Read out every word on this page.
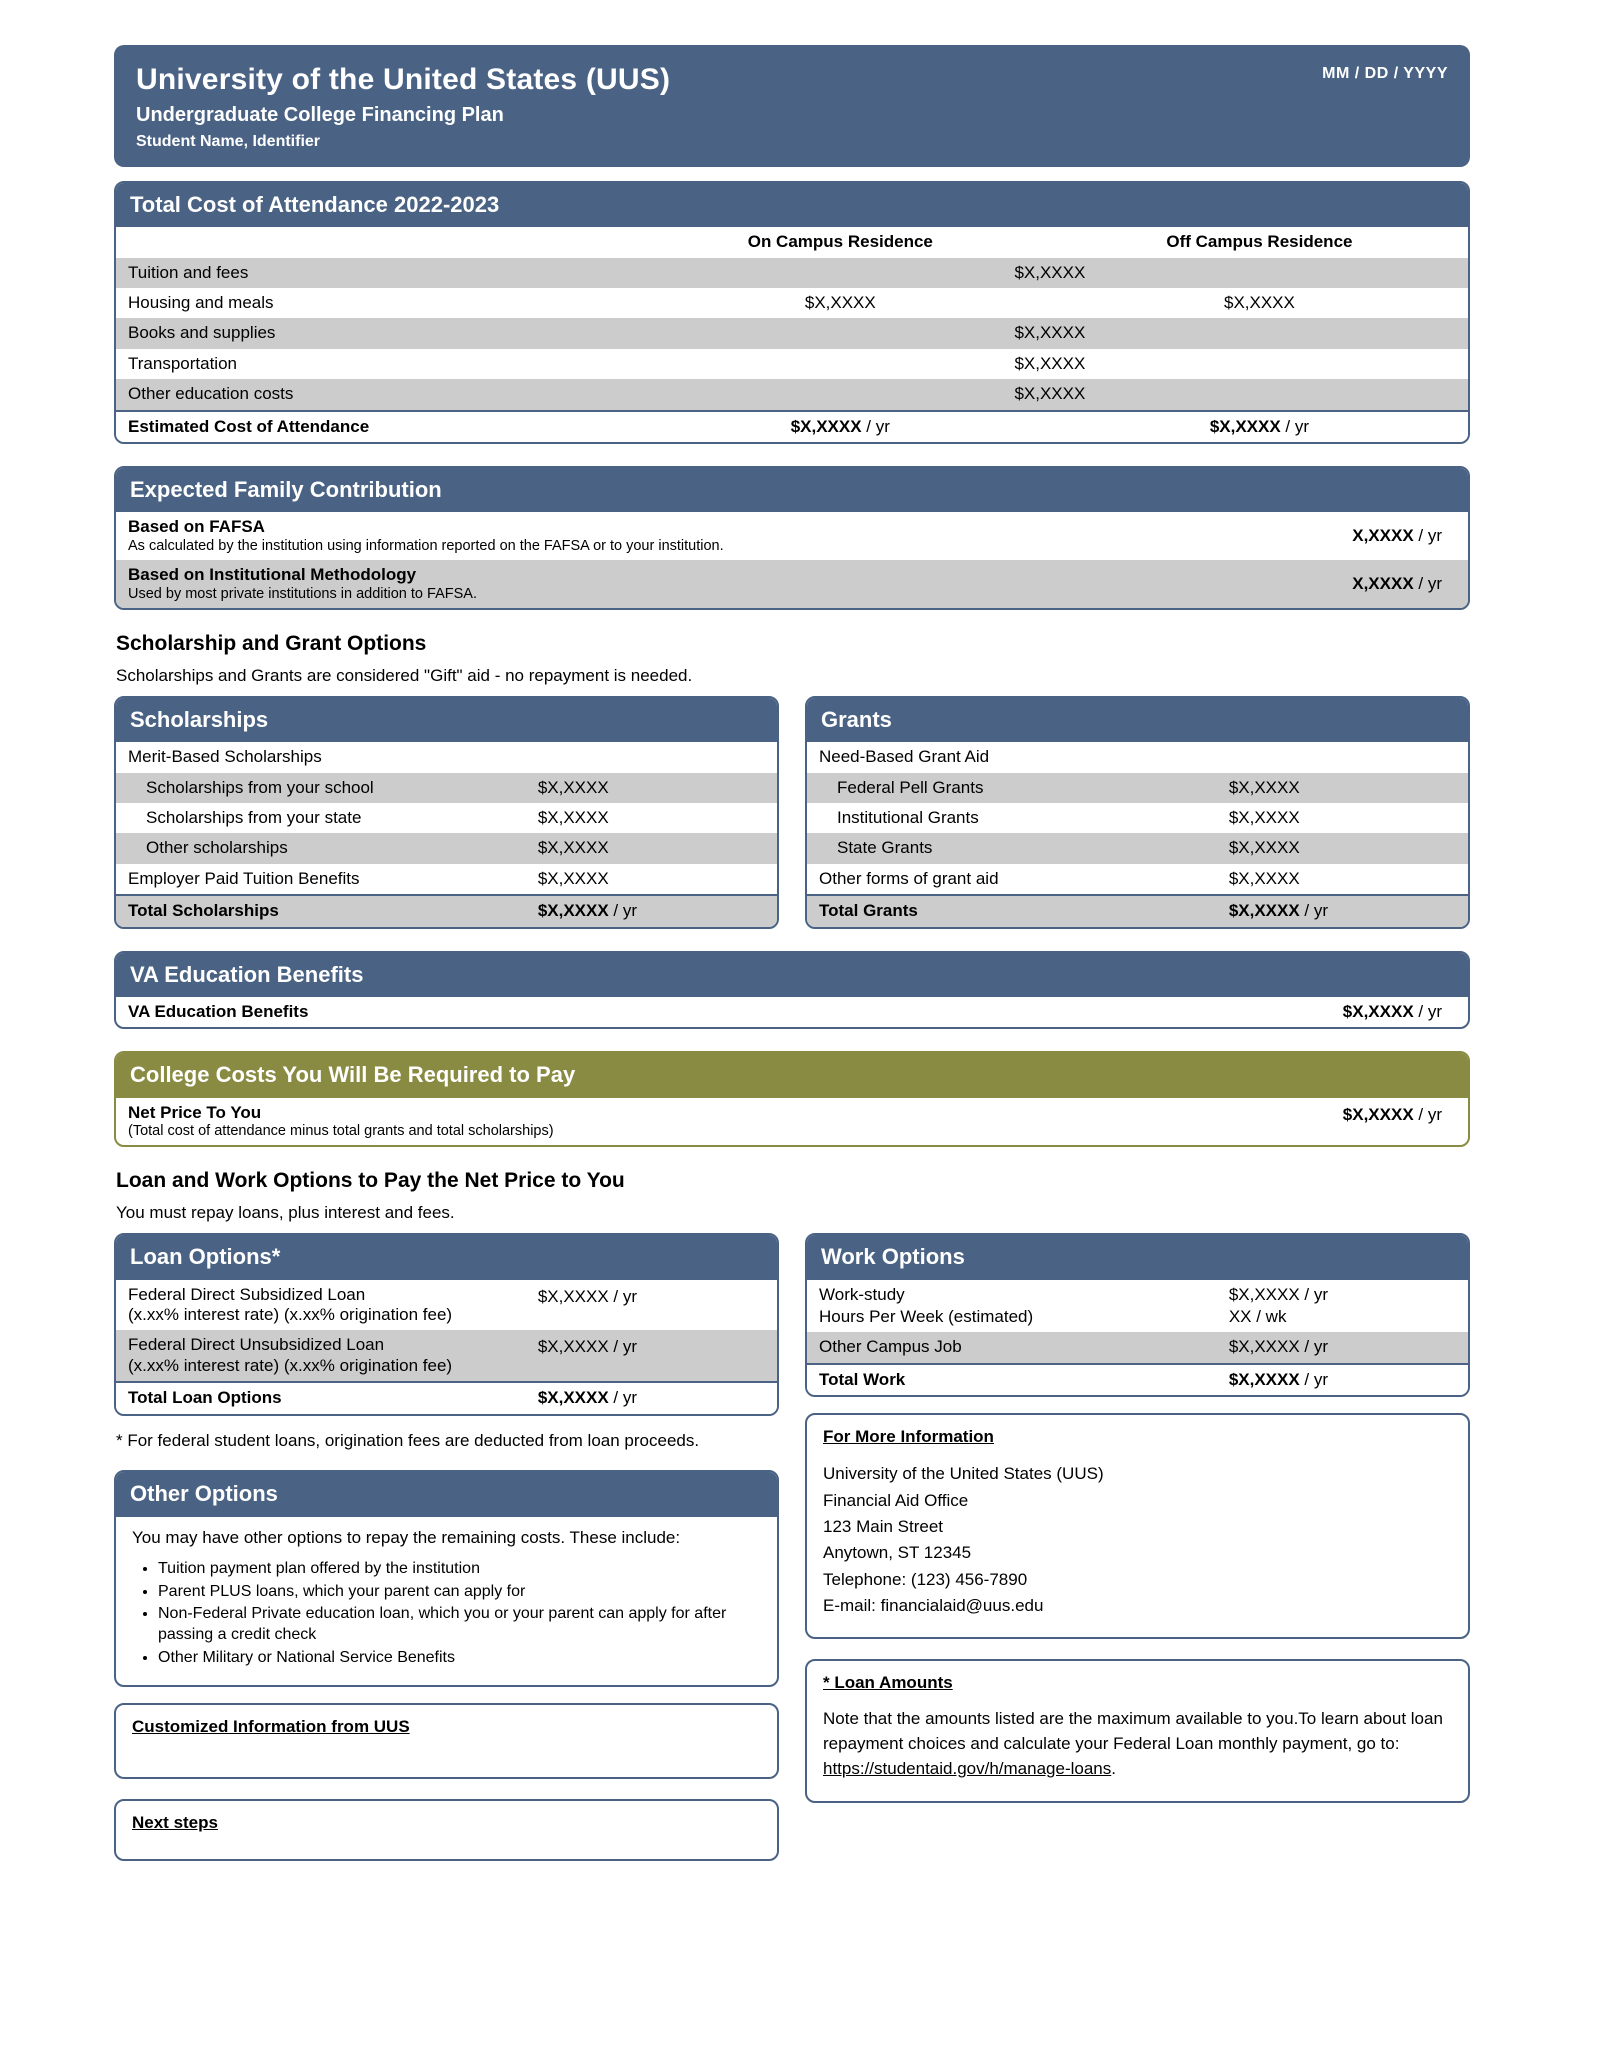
University of the United States (UUS)
Undergraduate College Financing Plan
Student Name, Identifier
MM / DD / YYYY
Total Cost of Attendance 2022-2023
	On Campus Residence	Off Campus Residence
Tuition and fees	$X,XXXX	
Housing and meals	$X,XXXX	$X,XXXX
Books and supplies	$X,XXXX	
Transportation	$X,XXXX	
Other education costs	$X,XXXX	
Estimated Cost of Attendance	$X,XXXX / yr	$X,XXXX / yr
Expected Family Contribution
Based on FAFSA
As calculated by the institution using information reported on the FAFSA or to your institution.	X,XXXX / yr

Based on Institutional Methodology
Used by most private institutions in addition to FAFSA.	X,XXXX / yr
Scholarship and Grant Options
Scholarships and Grants are considered "Gift" aid - no repayment is needed.
Scholarships
Merit-Based Scholarships	
Scholarships from your school	$X,XXXX
Scholarships from your state	$X,XXXX
Other scholarships	$X,XXXX
Employer Paid Tuition Benefits	$X,XXXX
Total Scholarships	$X,XXXX / yr
Grants
Need-Based Grant Aid	
Federal Pell Grants	$X,XXXX
Institutional Grants	$X,XXXX
State Grants	$X,XXXX
Other forms of grant aid	$X,XXXX
Total Grants	$X,XXXX / yr
VA Education Benefits
VA Education Benefits	$X,XXXX / yr
College Costs You Will Be Required to Pay
Net Price To You
(Total cost of attendance minus total grants and total scholarships)
	$X,XXXX / yr
Loan and Work Options to Pay the Net Price to You
You must repay loans, plus interest and fees.
Loan Options*
Federal Direct Subsidized Loan
(x.xx% interest rate) (x.xx% origination fee)	$X,XXXX / yr

Federal Direct Unsubsidized Loan
(x.xx% interest rate) (x.xx% origination fee)	$X,XXXX / yr
Total Loan Options	$X,XXXX / yr
* For federal student loans, origination fees are deducted from loan proceeds.
Other Options
You may have other options to repay the remaining costs. These include:
• Tuition payment plan offered by the institution
• Parent PLUS loans, which your parent can apply for
• Non-Federal Private education loan, which you or your parent can apply for after passing a credit check
• Other Military or National Service Benefits
Customized Information from UUS
Next steps
Work Options
Work-study	$X,XXXX / yr
Hours Per Week (estimated)	XX / wk
Other Campus Job	$X,XXXX / yr
Total Work	$X,XXXX / yr
For More Information
University of the United States (UUS)
Financial Aid Office
123 Main Street
Anytown, ST 12345
Telephone: (123) 456-7890
E-mail: financialaid@uus.edu
* Loan Amounts
Note that the amounts listed are the maximum available to you.To learn about loan repayment choices and calculate your Federal Loan monthly payment, go to: https://studentaid.gov/h/manage-loans.
